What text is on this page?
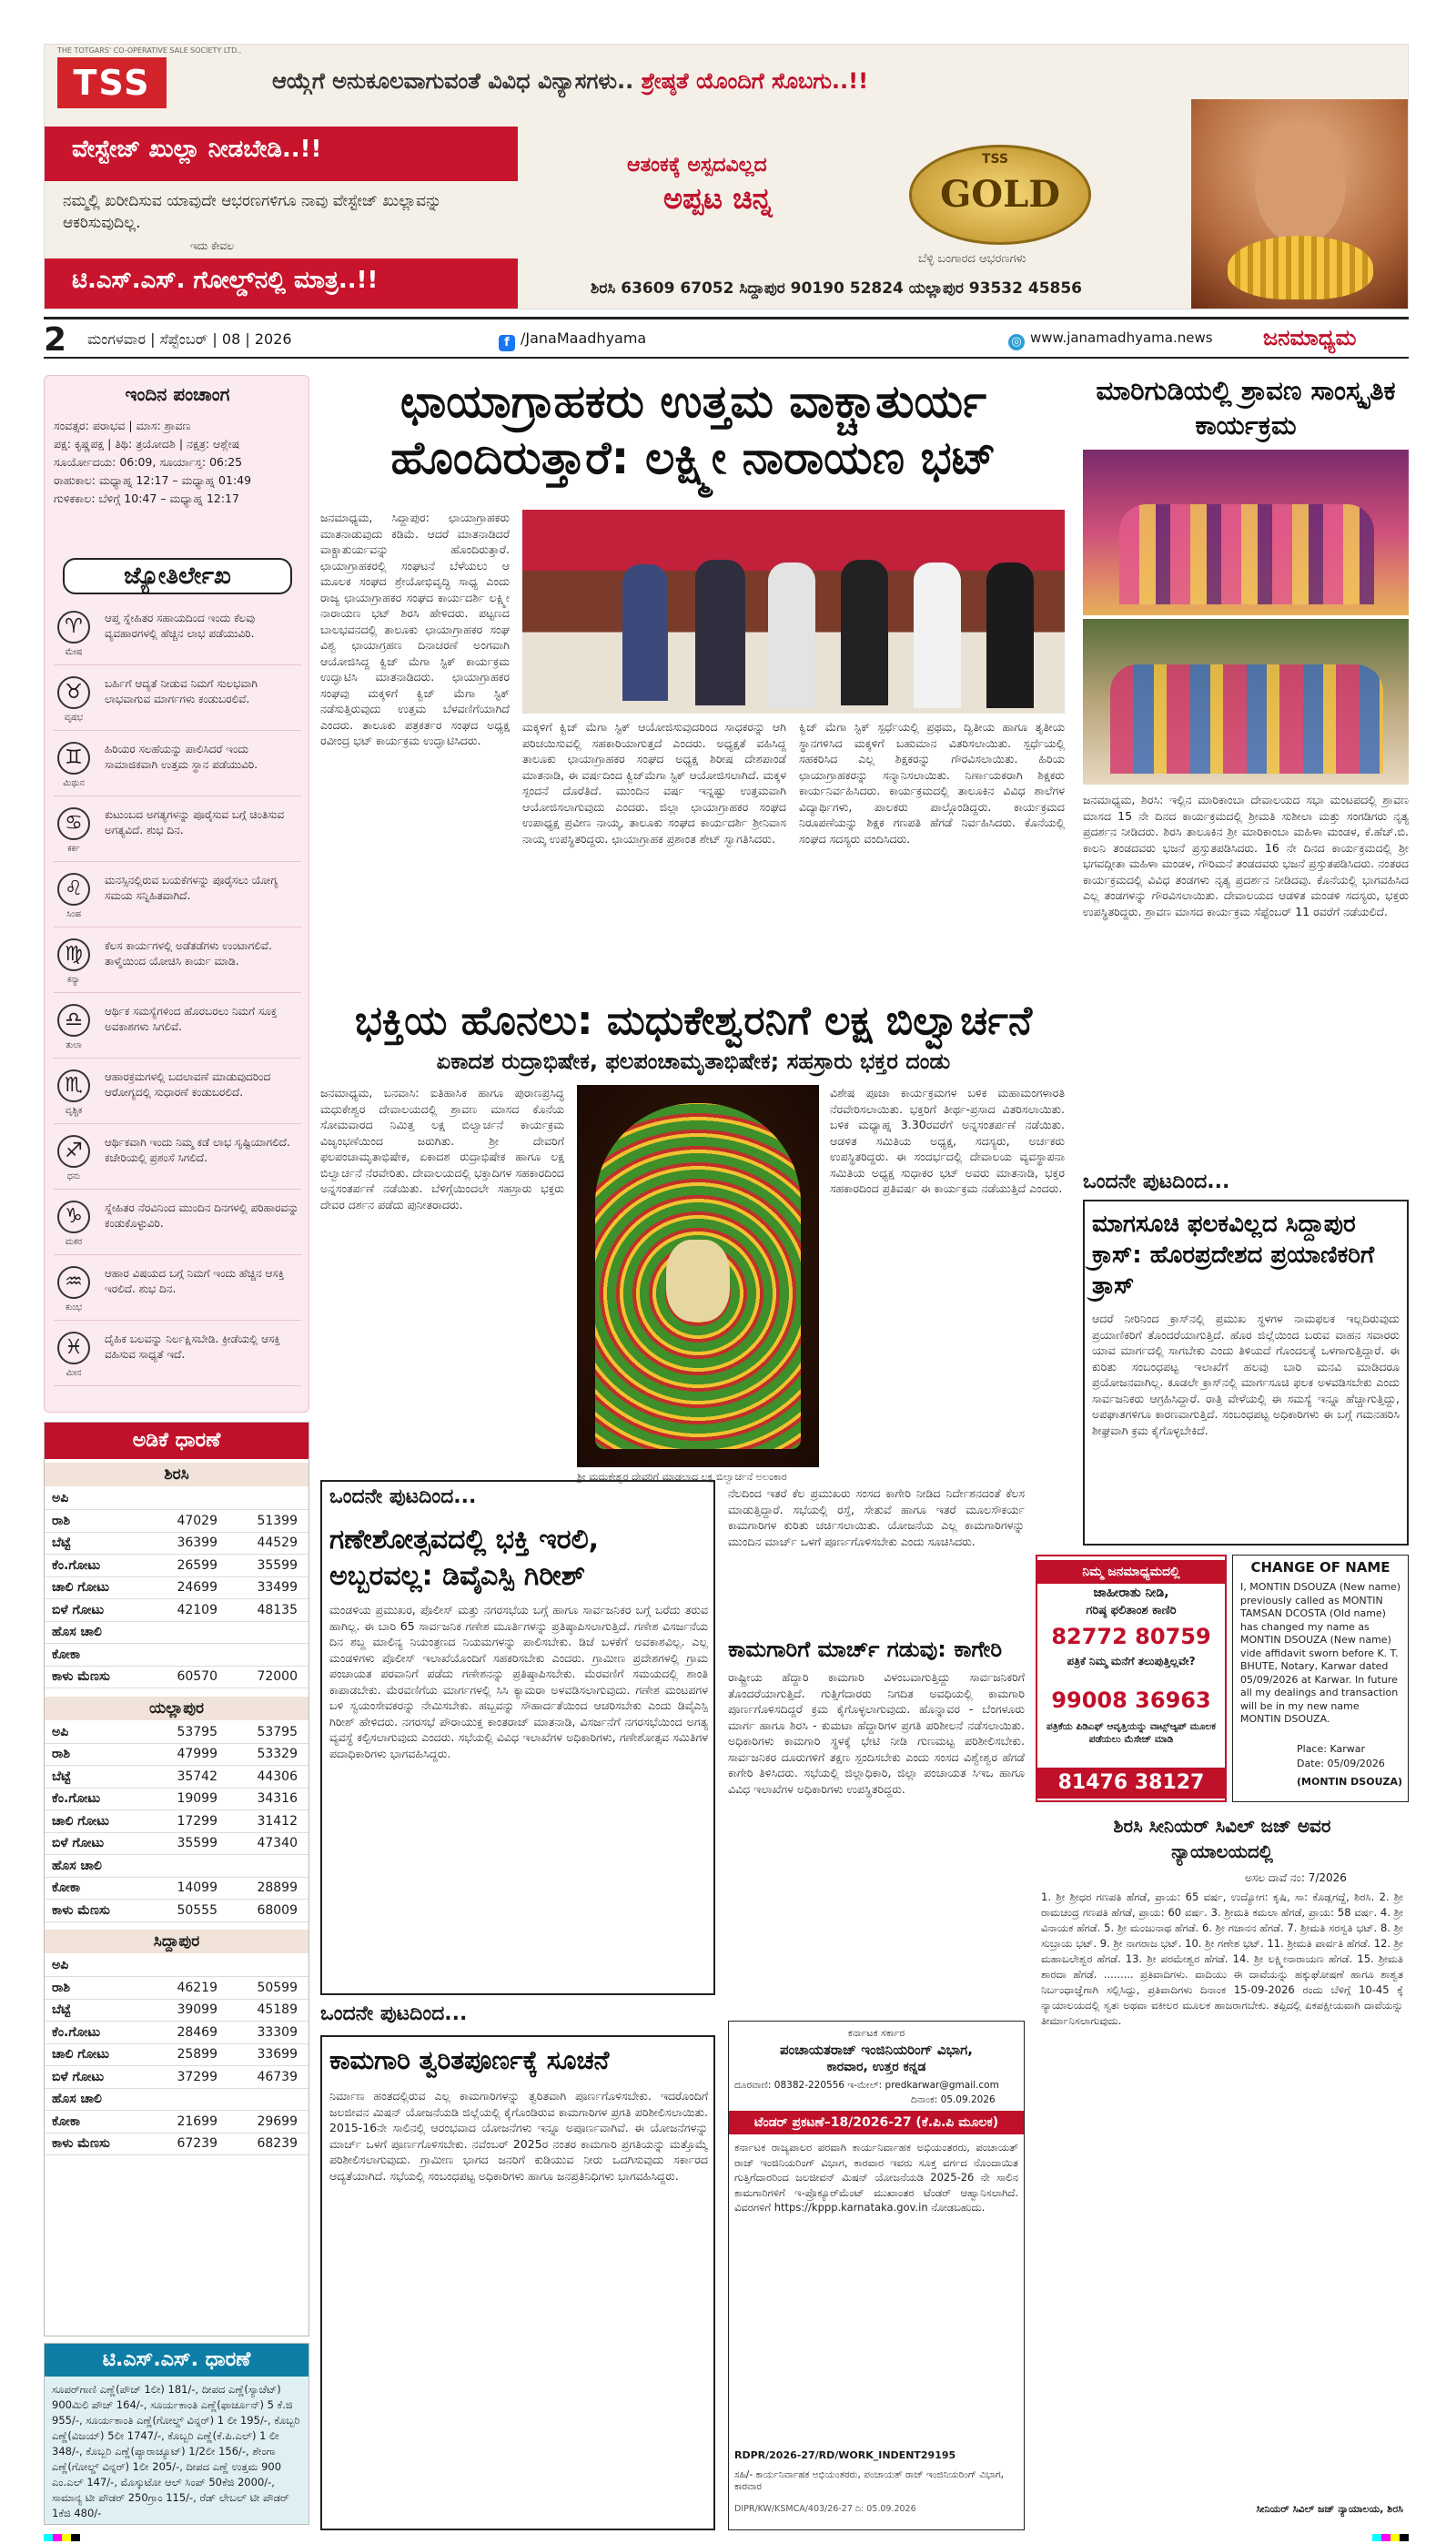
THE TOTGARS' CO-OPERATIVE SALE SOCIETY LTD.,
TSS	ಆಯ್ಗೆಗೆ ಅನುಕೂಲವಾಗುವಂತೆ ವಿವಿಧ ವಿನ್ಯಾಸಗಳು.. ಶ್ರೇಷ್ಠತೆ ಯೊಂದಿಗೆ ಸೊಬಗು..!!
ವೇಸ್ಟೇಜ್ ಖುಲ್ಲಾ ನೀಡಬೇಡಿ..!!
ನಮ್ಮಲ್ಲಿ ಖರೀದಿಸುವ ಯಾವುದೇ ಆಭರಣಗಳಿಗೂ ನಾವು ವೇಸ್ಟೇಜ್ ಖುಲ್ಲಾವನ್ನು ಆಕರಿಸುವುದಿಲ್ಲ.
ಇದು ಕೇವಲ
ಟಿ.ಎಸ್.ಎಸ್. ಗೋಲ್ಡ್‌ನಲ್ಲಿ ಮಾತ್ರ..!!
ಆತಂಕಕ್ಕೆ ಅಸ್ಪದವಿಲ್ಲದ
ಅಪ್ಪಟ ಚಿನ್ನ	GOLD
TSS
ಬೆಳ್ಳಿ ಬಂಗಾರದ ಆಭರಣಗಳು
ಶಿರಸಿ 63609 67052 ಸಿದ್ದಾಪುರ 90190 52824 ಯಲ್ಲಾಪುರ 93532 45856
2 ಮಂಗಳವಾರ | ಸೆಪ್ಟೆಂಬರ್ | 08 | 2026	f /JanaMaadhyama	◎ www.janamadhyama.news ಜನಮಾಧ್ಯಮ
ಇಂದಿನ ಪಂಚಾಂಗ
ಸಂವತ್ಸರ: ಪರಾಭವ | ಮಾಸ: ಶ್ರಾವಣ
ಪಕ್ಷ: ಕೃಷ್ಣಪಕ್ಷ | ತಿಥಿ: ತ್ರಯೋದಶಿ | ನಕ್ಷತ್ರ: ಆಶ್ಲೇಷ
ಸೂರ್ಯೋದಯ: 06:09, ಸೂರ್ಯಾಸ್ತ: 06:25
ರಾಹುಕಾಲ: ಮಧ್ಯಾಹ್ನ 12:17 – ಮಧ್ಯಾಹ್ನ 01:49
ಗುಳಿಕಕಾಲ: ಬೆಳಿಗ್ಗೆ 10:47 – ಮಧ್ಯಾಹ್ನ 12:17
ಜ್ಯೋತಿರ್ಲೇಖ
♈
ಮೇಷ
ಆಪ್ತ ಸ್ನೇಹಿತರ ಸಹಾಯದಿಂದ ಇಂದು ಕೆಲವು ವ್ಯವಹಾರಗಳಲ್ಲಿ ಹೆಚ್ಚಿನ ಲಾಭ ಪಡೆಯುವಿರಿ.
♉
ವೃಷಭ
ಬರ್ಹಿಗೆ ಆದ್ಯತೆ ನೀಡುವ ನಿಮಗೆ ಸುಲಭವಾಗಿ ಲಾಭವಾಗುವ ಮಾರ್ಗಗಳು ಕಂಡುಬರಲಿವೆ.
♊
ಮಿಥುನ
ಹಿರಿಯರ ಸಲಹೆಯನ್ನು ಪಾಲಿಸಿದರೆ ಇಂದು ಸಾಮಾಜಿಕವಾಗಿ ಉತ್ತಮ ಸ್ಥಾನ ಪಡೆಯುವಿರಿ.
♋
ಕರ್ಕ
ಕುಟುಂಬದ ಅಗತ್ಯಗಳನ್ನು ಪೂರೈಸುವ ಬಗ್ಗೆ ಚಿಂತಿಸುವ ಅಗತ್ಯವಿದೆ. ಶುಭ ದಿನ.
♌
ಸಿಂಹ
ಮನಸ್ಸಿನಲ್ಲಿರುವ ಬಯಕೆಗಳನ್ನು ಪೂರೈಸಲು ಯೋಗ್ಯ ಸಮಯ ಸನ್ನಿಹಿತವಾಗಿದೆ.
♍
ಕನ್ಯಾ
ಕೆಲಸ ಕಾರ್ಯಗಳಲ್ಲಿ ಅಡೆತಡೆಗಳು ಉಂಟಾಗಲಿವೆ. ತಾಳ್ಮೆಯಿಂದ ಯೋಚಿಸಿ ಕಾರ್ಯ ಮಾಡಿ.
♎
ತುಲಾ
ಆರ್ಥಿಕ ಸಮಸ್ಯೆಗಳಿಂದ ಹೊರಬರಲು ನಿಮಗೆ ಸೂಕ್ತ ಅವಕಾಶಗಳು ಸಿಗಲಿವೆ.
♏
ವೃಶ್ಚಿಕ
ಆಹಾರಕ್ರಮಗಳಲ್ಲಿ ಬದಲಾವಣೆ ಮಾಡುವುದರಿಂದ ಆರೋಗ್ಯದಲ್ಲಿ ಸುಧಾರಣೆ ಕಂಡುಬರಲಿದೆ.
♐
ಧನು
ಆರ್ಥಿಕವಾಗಿ ಇಂದು ನಿಮ್ಮ ಕಡೆ ಲಾಭ ಸೃಷ್ಟಿಯಾಗಲಿದೆ. ಕಚೇರಿಯಲ್ಲಿ ಪ್ರಶಂಸೆ ಸಿಗಲಿದೆ.
♑
ಮಕರ
ಸ್ನೇಹಿತರ ನೆರವಿನಿಂದ ಮುಂದಿನ ದಿನಗಳಲ್ಲಿ ಪರಿಹಾರವನ್ನು ಕಂಡುಕೊಳ್ಳುವಿರಿ.
♒
ಕುಂಭ
ಆಹಾರ ವಿಷಯದ ಬಗ್ಗೆ ನಿಮಗೆ ಇಂದು ಹೆಚ್ಚಿನ ಆಸಕ್ತಿ ಇರಲಿದೆ. ಶುಭ ದಿನ.
♓
ಮೀನ
ದೈಹಿಕ ಬಲವನ್ನು ನಿರ್ಲಕ್ಷಿಸಬೇಡಿ. ಕ್ರೀಡೆಯಲ್ಲಿ ಆಸಕ್ತಿ ವಹಿಸುವ ಸಾಧ್ಯತೆ ಇದೆ.
ಅಡಿಕೆ ಧಾರಣೆ
ಶಿರಸಿ
ಅಪಿ
ರಾಶಿ	47029	51399
ಬೆಟ್ಟೆ	36399	44529
ಕೆಂ.ಗೋಟು	26599	35599
ಚಾಲಿ ಗೋಟು	24699	33499
ಬಿಳೆ ಗೋಟು	42109	48135
ಹೊಸ ಚಾಲಿ
ಕೋಕಾ
ಕಾಳು ಮೆಣಸು	60570	72000
ಯಲ್ಲಾಪುರ
ಅಪಿ	53795	53795
ರಾಶಿ	47999	53329
ಬೆಟ್ಟೆ	35742	44306
ಕೆಂ.ಗೋಟು	19099	34316
ಚಾಲಿ ಗೋಟು	17299	31412
ಬಿಳೆ ಗೋಟು	35599	47340
ಹೊಸ ಚಾಲಿ
ಕೋಕಾ	14099	28899
ಕಾಳು ಮೆಣಸು	50555	68009
ಸಿದ್ದಾಪುರ
ಅಪಿ
ರಾಶಿ	46219	50599
ಬೆಟ್ಟೆ	39099	45189
ಕೆಂ.ಗೋಟು	28469	33309
ಚಾಲಿ ಗೋಟು	25899	33699
ಬಿಳೆ ಗೋಟು	37299	46739
ಹೊಸ ಚಾಲಿ
ಕೋಕಾ	21699	29699
ಕಾಳು ಮೆಣಸು	67239	68239
ಟಿ.ಎಸ್.ಎಸ್. ಧಾರಣೆ
ಸೂಪರ್‌ಗಾಣಿ ಎಣ್ಣೆ(ಪೌಚ್ 1ಲೀ) 181/-, ದೀಪದ ಎಣ್ಣೆ(ಸ್ಯಾಚೆಟ್) 900ಮಿಲಿ ಪೌಚ್ 164/-, ಸೂರ್ಯಕಾಂತಿ ಎಣ್ಣೆ(ಫಾರ್ಚೂನ್) 5 ಕೆ.ಜಿ 955/-, ಸೂರ್ಯಕಾಂತಿ ಎಣ್ಣೆ(ಗೋಲ್ಡ್ ವಿನ್ನರ್) 1 ಲೀ 195/-, ಕೊಬ್ಬರಿ ಎಣ್ಣೆ(ವಿಜಯ್) 5ಲೀ 1747/-, ಕೊಬ್ಬರಿ ಎಣ್ಣೆ(ಕೆ.ಪಿ.ಎಲ್) 1 ಲೀ 348/-, ಕೊಬ್ಬರಿ ಎಣ್ಣೆ(ಪ್ಯಾರಾಚ್ಯೂಟ್) 1/2ಲೀ 156/-, ಶೇಂಗಾ ಎಣ್ಣೆ(ಗೋಲ್ಡ್ ವಿನ್ನರ್) 1ಲೀ 205/-, ದೀಪದ ಎಣ್ಣೆ ಉತ್ತಮ 900 ಎಂ.ಎಲ್ 147/-, ಮೊಸ್ಕುಟೋ ಆಲ್ ಸಿಂಪ್ 50ಕೆಜಿ 2000/-, ಸಾಮಾನ್ಯ ಟೀ ಪೌಡರ್ 250ಗ್ರಾಂ 115/-, ರೆಡ್ ಲೇಬಲ್ ಟೀ ಪೌಡರ್ 1ಕೆಜಿ 480/-
ಛಾಯಾಗ್ರಾಹಕರು ಉತ್ತಮ ವಾಕ್ಚಾತುರ್ಯ
ಹೊಂದಿರುತ್ತಾರೆ: ಲಕ್ಷ್ಮೀ ನಾರಾಯಣ ಭಟ್
ಜನಮಾಧ್ಯಮ, ಸಿದ್ದಾಪುರ: ಛಾಯಾಗ್ರಾಹಕರು ಮಾತನಾಡುವುದು ಕಡಿಮೆ. ಆದರೆ ಮಾತನಾಡಿದರೆ ವಾಕ್ಚಾತುರ್ಯವನ್ನು ಹೊಂದಿರುತ್ತಾರೆ. ಛಾಯಾಗ್ರಾಹಕರಲ್ಲಿ ಸಂಘಟನೆ ಬೆಳೆಯಲು ಆ ಮೂಲಕ ಸಂಘದ ಶ್ರೇಯೋಭಿವೃದ್ಧಿ ಸಾಧ್ಯ ಎಂದು ರಾಜ್ಯ ಛಾಯಾಗ್ರಾಹಕರ ಸಂಘದ ಕಾರ್ಯದರ್ಶಿ ಲಕ್ಷ್ಮೀ ನಾರಾಯಣ ಭಟ್ ಶಿರಸಿ ಹೇಳಿದರು. ಪಟ್ಟಣದ ಬಾಲಭವನದಲ್ಲಿ ತಾಲೂಕು ಛಾಯಾಗ್ರಾಹಕರ ಸಂಘ ವಿಶ್ವ ಛಾಯಾಗ್ರಹಣ ದಿನಾಚರಣೆ ಅಂಗವಾಗಿ ಆಯೋಜಿಸಿದ್ದ ಕ್ವಿಜ್ ಮೆಗಾ ಸ್ಟಿಕ್ ಕಾರ್ಯಕ್ರಮ ಉದ್ಘಾಟಿಸಿ ಮಾತನಾಡಿದರು. ಛಾಯಾಗ್ರಾಹಕರ ಸಂಘವು ಮಕ್ಕಳಿಗೆ ಕ್ವಿಜ್ ಮೆಗಾ ಸ್ಟಿಕ್ ನಡೆಸುತ್ತಿರುವುದು ಉತ್ತಮ ಬೆಳವಣಿಗೆಯಾಗಿದೆ ಎಂದರು. ತಾಲೂಕು ಪತ್ರಕರ್ತರ ಸಂಘದ ಅಧ್ಯಕ್ಷ ರವೀಂದ್ರ ಭಟ್ ಕಾರ್ಯಕ್ರಮ ಉದ್ಘಾಟಿಸಿದರು.
ಮಕ್ಕಳಿಗೆ ಕ್ವಿಜ್ ಮೆಗಾ ಸ್ಟಿಕ್ ಆಯೋಜಿಸುವುದರಿಂದ ಸಾಧಕರನ್ನು ಆಗಿ ಪರಿಚಯಿಸುವಲ್ಲಿ ಸಹಕಾರಿಯಾಗುತ್ತದೆ ಎಂದರು. ಅಧ್ಯಕ್ಷತೆ ವಹಿಸಿದ್ದ ತಾಲೂಕು ಛಾಯಾಗ್ರಾಹಕರ ಸಂಘದ ಅಧ್ಯಕ್ಷ ಶಿರೀಷ ದೇಶಪಾಂಡೆ ಮಾತನಾಡಿ, ಈ ವರ್ಷದಿಂದ ಕ್ವಿಜ್‌ಮೆಗಾ ಸ್ಟಿಕ್ ಆಯೋಜಿಸಲಾಗಿದೆ. ಮಕ್ಕಳ ಸ್ಪಂದನೆ ದೊರೆತಿದೆ. ಮುಂದಿನ ವರ್ಷ ಇನ್ನಷ್ಟು ಉತ್ತಮವಾಗಿ ಆಯೋಜಿಸಲಾಗುವುದು ಎಂದರು. ಜಿಲ್ಲಾ ಛಾಯಾಗ್ರಾಹಕರ ಸಂಘದ ಉಪಾಧ್ಯಕ್ಷ ಪ್ರವೀಣ ನಾಯ್ಕ, ತಾಲೂಕು ಸಂಘದ ಕಾರ್ಯದರ್ಶಿ ಶ್ರೀನಿವಾಸ ನಾಯ್ಕ ಉಪಸ್ಥಿತರಿದ್ದರು. ಛಾಯಾಗ್ರಾಹಕ ಪ್ರಶಾಂತ ಶೇಟ್ ಸ್ವಾಗತಿಸಿದರು.
ಕ್ವಿಜ್ ಮೆಗಾ ಸ್ಟಿಕ್ ಸ್ಪರ್ಧೆಯಲ್ಲಿ ಪ್ರಥಮ, ದ್ವಿತೀಯ ಹಾಗೂ ತೃತೀಯ ಸ್ಥಾನಗಳಿಸಿದ ಮಕ್ಕಳಿಗೆ ಬಹುಮಾನ ವಿತರಿಸಲಾಯಿತು. ಸ್ಪರ್ಧೆಯಲ್ಲಿ ಸಹಕರಿಸಿದ ಎಲ್ಲ ಶಿಕ್ಷಕರನ್ನು ಗೌರವಿಸಲಾಯಿತು. ಹಿರಿಯ ಛಾಯಾಗ್ರಾಹಕರನ್ನು ಸನ್ಮಾನಿಸಲಾಯಿತು. ನಿರ್ಣಾಯಕರಾಗಿ ಶಿಕ್ಷಕರು ಕಾರ್ಯನಿರ್ವಹಿಸಿದರು. ಕಾರ್ಯಕ್ರಮದಲ್ಲಿ ತಾಲೂಕಿನ ವಿವಿಧ ಶಾಲೆಗಳ ವಿದ್ಯಾರ್ಥಿಗಳು, ಪಾಲಕರು ಪಾಲ್ಗೊಂಡಿದ್ದರು. ಕಾರ್ಯಕ್ರಮದ ನಿರೂಪಣೆಯನ್ನು ಶಿಕ್ಷಕ ಗಣಪತಿ ಹೆಗಡೆ ನಿರ್ವಹಿಸಿದರು. ಕೊನೆಯಲ್ಲಿ ಸಂಘದ ಸದಸ್ಯರು ವಂದಿಸಿದರು.
ಮಾರಿಗುಡಿಯಲ್ಲಿ ಶ್ರಾವಣ ಸಾಂಸ್ಕೃತಿಕ ಕಾರ್ಯಕ್ರಮ
ಜನಮಾಧ್ಯಮ, ಶಿರಸಿ: ಇಲ್ಲಿನ ಮಾರಿಕಾಂಬಾ ದೇವಾಲಯದ ಸಭಾ ಮಂಟಪದಲ್ಲಿ ಶ್ರಾವಣ ಮಾಸದ 15 ನೇ ದಿನದ ಕಾರ್ಯಕ್ರಮದಲ್ಲಿ ಶ್ರೀಮತಿ ಸುಶೀಲಾ ಮತ್ತು ಸಂಗಡಿಗರು ನೃತ್ಯ ಪ್ರದರ್ಶನ ನೀಡಿದರು. ಶಿರಸಿ ತಾಲೂಕಿನ ಶ್ರೀ ಮಾರಿಕಾಂಬಾ ಮಹಿಳಾ ಮಂಡಳ, ಕೆ.ಹೆಚ್.ಬಿ. ಕಾಲನಿ ತಂಡದವರು ಭಜನೆ ಪ್ರಸ್ತುತಪಡಿಸಿದರು. 16 ನೇ ದಿನದ ಕಾರ್ಯಕ್ರಮದಲ್ಲಿ ಶ್ರೀ ಭಗವದ್ಗೀತಾ ಮಹಿಳಾ ಮಂಡಳ, ಗೌರಿಮನೆ ತಂಡದವರು ಭಜನೆ ಪ್ರಸ್ತುತಪಡಿಸಿದರು. ನಂತರದ ಕಾರ್ಯಕ್ರಮದಲ್ಲಿ ವಿವಿಧ ತಂಡಗಳು ನೃತ್ಯ ಪ್ರದರ್ಶನ ನೀಡಿದವು. ಕೊನೆಯಲ್ಲಿ ಭಾಗವಹಿಸಿದ ಎಲ್ಲ ತಂಡಗಳನ್ನು ಗೌರವಿಸಲಾಯಿತು. ದೇವಾಲಯದ ಆಡಳಿತ ಮಂಡಳಿ ಸದಸ್ಯರು, ಭಕ್ತರು ಉಪಸ್ಥಿತರಿದ್ದರು. ಶ್ರಾವಣ ಮಾಸದ ಕಾರ್ಯಕ್ರಮ ಸೆಪ್ಟೆಂಬರ್ 11 ರವರೆಗೆ ನಡೆಯಲಿದೆ.
ಭಕ್ತಿಯ ಹೊನಲು: ಮಧುಕೇಶ್ವರನಿಗೆ ಲಕ್ಷ ಬಿಲ್ವಾರ್ಚನೆ
ಏಕಾದಶ ರುದ್ರಾಭಿಷೇಕ, ಫಲಪಂಚಾಮೃತಾಭಿಷೇಕ; ಸಹಸ್ರಾರು ಭಕ್ತರ ದಂಡು
ಜನಮಾಧ್ಯಮ, ಬನವಾಸಿ: ಐತಿಹಾಸಿಕ ಹಾಗೂ ಪುರಾಣಪ್ರಸಿದ್ಧ ಮಧುಕೇಶ್ವರ ದೇವಾಲಯದಲ್ಲಿ ಶ್ರಾವಣ ಮಾಸದ ಕೊನೆಯ ಸೋಮವಾರದ ನಿಮಿತ್ತ ಲಕ್ಷ ಬಿಲ್ವಾರ್ಚನೆ ಕಾರ್ಯಕ್ರಮ ವಿಜೃಂಭಣೆಯಿಂದ ಜರುಗಿತು. ಶ್ರೀ ದೇವರಿಗೆ ಫಲಪಂಚಾಮೃತಾಭಿಷೇಕ, ಏಕಾದಶ ರುದ್ರಾಭಿಷೇಕ ಹಾಗೂ ಲಕ್ಷ ಬಿಲ್ವಾರ್ಚನೆ ನೆರವೇರಿತು. ದೇವಾಲಯದಲ್ಲಿ ಭಕ್ತಾದಿಗಳ ಸಹಕಾರದಿಂದ ಅನ್ನಸಂತರ್ಪಣೆ ನಡೆಯಿತು. ಬೆಳಿಗ್ಗೆಯಿಂದಲೇ ಸಹಸ್ರಾರು ಭಕ್ತರು ದೇವರ ದರ್ಶನ ಪಡೆದು ಪುನೀತರಾದರು.
ಶ್ರೀ ಮಧುಕೇಶ್ವರ ದೇವರಿಗೆ ಮಾಡಲಾದ ಲಕ್ಷ ಬಿಲ್ವಾರ್ಚನೆ ಅಲಂಕಾರ
ವಿಶೇಷ ಪೂಜಾ ಕಾರ್ಯಕ್ರಮಗಳ ಬಳಿಕ ಮಹಾಮಂಗಳಾರತಿ ನೆರವೇರಿಸಲಾಯಿತು. ಭಕ್ತರಿಗೆ ತೀರ್ಥ-ಪ್ರಸಾದ ವಿತರಿಸಲಾಯಿತು. ಬಳಿಕ ಮಧ್ಯಾಹ್ನ 3.30ರವರೆಗೆ ಅನ್ನಸಂತರ್ಪಣೆ ನಡೆಯಿತು. ಆಡಳಿತ ಸಮಿತಿಯ ಅಧ್ಯಕ್ಷ, ಸದಸ್ಯರು, ಅರ್ಚಕರು ಉಪಸ್ಥಿತರಿದ್ದರು. ಈ ಸಂದರ್ಭದಲ್ಲಿ ದೇವಾಲಯ ವ್ಯವಸ್ಥಾಪನಾ ಸಮಿತಿಯ ಅಧ್ಯಕ್ಷ ಸುಧಾಕರ ಭಟ್ ಅವರು ಮಾತನಾಡಿ, ಭಕ್ತರ ಸಹಕಾರದಿಂದ ಪ್ರತಿವರ್ಷ ಈ ಕಾರ್ಯಕ್ರಮ ನಡೆಯುತ್ತಿದೆ ಎಂದರು. ಒಂದನೇ ಪುಟದಿಂದ...
ಮಾಗಸೂಚಿ ಫಲಕವಿಲ್ಲದ ಸಿದ್ದಾಪುರ ಕ್ರಾಸ್: ಹೊರಪ್ರದೇಶದ ಪ್ರಯಾಣಿಕರಿಗೆ ತ್ರಾಸ್
ಆದರೆ ನೀರಿನಿಂದ ಕ್ರಾಸ್‌ನಲ್ಲಿ ಪ್ರಮುಖ ಸ್ಥಳಗಳ ನಾಮಫಲಕ ಇಲ್ಲದಿರುವುದು ಪ್ರಯಾಣಿಕರಿಗೆ ತೊಂದರೆಯಾಗುತ್ತಿದೆ. ಹೊರ ಜಿಲ್ಲೆಯಿಂದ ಬರುವ ವಾಹನ ಸವಾರರು ಯಾವ ಮಾರ್ಗದಲ್ಲಿ ಸಾಗಬೇಕು ಎಂದು ತಿಳಿಯದೆ ಗೊಂದಲಕ್ಕೆ ಒಳಗಾಗುತ್ತಿದ್ದಾರೆ. ಈ ಕುರಿತು ಸಂಬಂಧಪಟ್ಟ ಇಲಾಖೆಗೆ ಹಲವು ಬಾರಿ ಮನವಿ ಮಾಡಿದರೂ ಪ್ರಯೋಜನವಾಗಿಲ್ಲ. ಕೂಡಲೇ ಕ್ರಾಸ್‌ನಲ್ಲಿ ಮಾರ್ಗಸೂಚಿ ಫಲಕ ಅಳವಡಿಸಬೇಕು ಎಂದು ಸಾರ್ವಜನಿಕರು ಆಗ್ರಹಿಸಿದ್ದಾರೆ. ರಾತ್ರಿ ವೇಳೆಯಲ್ಲಿ ಈ ಸಮಸ್ಯೆ ಇನ್ನೂ ಹೆಚ್ಚಾಗುತ್ತಿದ್ದು, ಅಪಘಾತಗಳಿಗೂ ಕಾರಣವಾಗುತ್ತಿದೆ. ಸಂಬಂಧಪಟ್ಟ ಅಧಿಕಾರಿಗಳು ಈ ಬಗ್ಗೆ ಗಮನಹರಿಸಿ ಶೀಘ್ರವಾಗಿ ಕ್ರಮ ಕೈಗೊಳ್ಳಬೇಕಿದೆ.
ಒಂದನೇ ಪುಟದಿಂದ...
ಗಣೇಶೋತ್ಸವದಲ್ಲಿ ಭಕ್ತಿ ಇರಲಿ,
ಅಬ್ಬರವಲ್ಲ: ಡಿವೈಎಸ್ಪಿ ಗಿರೀಶ್
ಮಂಡಳಿಯ ಪ್ರಮುಖರ, ಪೊಲೀಸ್ ಮತ್ತು ನಗರಸಭೆಯ ಬಗ್ಗೆ ಹಾಗೂ ಸಾರ್ವಜನಿಕರ ಬಗ್ಗೆ ಬರೆದು ತರುವ ಹಾಗಿಲ್ಲ. ಈ ಬಾರಿ 65 ಸಾರ್ವಜನಿಕ ಗಣೇಶ ಮೂರ್ತಿಗಳನ್ನು ಪ್ರತಿಷ್ಠಾಪಿಸಲಾಗುತ್ತಿದೆ. ಗಣೇಶ ವಿಸರ್ಜನೆಯ ದಿನ ಶಬ್ದ ಮಾಲಿನ್ಯ ನಿಯಂತ್ರಣದ ನಿಯಮಗಳನ್ನು ಪಾಲಿಸಬೇಕು. ಡಿಜೆ ಬಳಕೆಗೆ ಅವಕಾಶವಿಲ್ಲ. ಎಲ್ಲ ಮಂಡಳಿಗಳು ಪೊಲೀಸ್ ಇಲಾಖೆಯೊಂದಿಗೆ ಸಹಕರಿಸಬೇಕು ಎಂದರು. ಗ್ರಾಮೀಣ ಪ್ರದೇಶಗಳಲ್ಲಿ ಗ್ರಾಮ ಪಂಚಾಯತ ಪರವಾನಿಗೆ ಪಡೆದು ಗಣೇಶನನ್ನು ಪ್ರತಿಷ್ಠಾಪಿಸಬೇಕು. ಮೆರವಣಿಗೆ ಸಮಯದಲ್ಲಿ ಶಾಂತಿ ಕಾಪಾಡಬೇಕು. ಮೆರವಣಿಗೆಯ ಮಾರ್ಗಗಳಲ್ಲಿ ಸಿಸಿ ಕ್ಯಾಮರಾ ಅಳವಡಿಸಲಾಗುವುದು. ಗಣೇಶ ಮಂಟಪಗಳ ಬಳಿ ಸ್ವಯಂಸೇವಕರನ್ನು ನೇಮಿಸಬೇಕು. ಹಬ್ಬವನ್ನು ಸೌಹಾರ್ದತೆಯಿಂದ ಆಚರಿಸಬೇಕು ಎಂದು ಡಿವೈಎಸ್ಪಿ ಗಿರೀಶ್ ಹೇಳಿದರು. ನಗರಸಭೆ ಪೌರಾಯುಕ್ತ ಕಾಂತರಾಜ್ ಮಾತನಾಡಿ, ವಿಸರ್ಜನೆಗೆ ನಗರಸಭೆಯಿಂದ ಅಗತ್ಯ ವ್ಯವಸ್ಥೆ ಕಲ್ಪಿಸಲಾಗುವುದು ಎಂದರು. ಸಭೆಯಲ್ಲಿ ವಿವಿಧ ಇಲಾಖೆಗಳ ಅಧಿಕಾರಿಗಳು, ಗಣೇಶೋತ್ಸವ ಸಮಿತಿಗಳ ಪದಾಧಿಕಾರಿಗಳು ಭಾಗವಹಿಸಿದ್ದರು.
ನೆಲದಿಂದ ಇತರೆ ಕೆಲ ಪ್ರಮುಖರು ಸಂಸದ ಕಾಗೇರಿ ನೀಡಿದ ನಿರ್ದೇಶನದಂತೆ ಕೆಲಸ ಮಾಡುತ್ತಿದ್ದಾರೆ. ಸಭೆಯಲ್ಲಿ ರಸ್ತೆ, ಸೇತುವೆ ಹಾಗೂ ಇತರೆ ಮೂಲಸೌಕರ್ಯ ಕಾಮಗಾರಿಗಳ ಕುರಿತು ಚರ್ಚಿಸಲಾಯಿತು. ಯೋಜನೆಯ ಎಲ್ಲ ಕಾಮಗಾರಿಗಳನ್ನು ಮುಂದಿನ ಮಾರ್ಚ್ ಒಳಗೆ ಪೂರ್ಣಗೊಳಿಸಬೇಕು ಎಂದು ಸೂಚಿಸಿದರು.
ಕಾಮಗಾರಿಗೆ ಮಾರ್ಚ್ ಗಡುವು: ಕಾಗೇರಿ
ರಾಷ್ಟ್ರೀಯ ಹೆದ್ದಾರಿ ಕಾಮಗಾರಿ ವಿಳಂಬವಾಗುತ್ತಿದ್ದು ಸಾರ್ವಜನಿಕರಿಗೆ ತೊಂದರೆಯಾಗುತ್ತಿದೆ. ಗುತ್ತಿಗೆದಾರರು ನಿಗದಿತ ಅವಧಿಯಲ್ಲಿ ಕಾಮಗಾರಿ ಪೂರ್ಣಗೊಳಿಸದಿದ್ದರೆ ಕ್ರಮ ಕೈಗೊಳ್ಳಲಾಗುವುದು. ಹೊನ್ನಾವರ - ಬೆಂಗಳೂರು ಮಾರ್ಗ ಹಾಗೂ ಶಿರಸಿ - ಕುಮಟಾ ಹೆದ್ದಾರಿಗಳ ಪ್ರಗತಿ ಪರಿಶೀಲನೆ ನಡೆಸಲಾಯಿತು. ಅಧಿಕಾರಿಗಳು ಕಾಮಗಾರಿ ಸ್ಥಳಕ್ಕೆ ಭೇಟಿ ನೀಡಿ ಗುಣಮಟ್ಟ ಪರಿಶೀಲಿಸಬೇಕು. ಸಾರ್ವಜನಿಕರ ದೂರುಗಳಿಗೆ ತಕ್ಷಣ ಸ್ಪಂದಿಸಬೇಕು ಎಂದು ಸಂಸದ ವಿಶ್ವೇಶ್ವರ ಹೆಗಡೆ ಕಾಗೇರಿ ತಿಳಿಸಿದರು. ಸಭೆಯಲ್ಲಿ ಜಿಲ್ಲಾಧಿಕಾರಿ, ಜಿಲ್ಲಾ ಪಂಚಾಯತ ಸಿಇಒ ಹಾಗೂ ವಿವಿಧ ಇಲಾಖೆಗಳ ಅಧಿಕಾರಿಗಳು ಉಪಸ್ಥಿತರಿದ್ದರು.
ಒಂದನೇ ಪುಟದಿಂದ...
ಕಾಮಗಾರಿ ತ್ವರಿತಪೂರ್ಣಕ್ಕೆ ಸೂಚನೆ
ನಿರ್ಮಾಣ ಹಂತದಲ್ಲಿರುವ ಎಲ್ಲ ಕಾಮಗಾರಿಗಳನ್ನು ತ್ವರಿತವಾಗಿ ಪೂರ್ಣಗೊಳಿಸಬೇಕು. ಇದರೊಂದಿಗೆ ಜಲಜೀವನ ಮಿಷನ್ ಯೋಜನೆಯಡಿ ಜಿಲ್ಲೆಯಲ್ಲಿ ಕೈಗೊಂಡಿರುವ ಕಾಮಗಾರಿಗಳ ಪ್ರಗತಿ ಪರಿಶೀಲಿಸಲಾಯಿತು. 2015-16ನೇ ಸಾಲಿನಲ್ಲಿ ಆರಂಭವಾದ ಯೋಜನೆಗಳು ಇನ್ನೂ ಅಪೂರ್ಣವಾಗಿವೆ. ಈ ಯೋಜನೆಗಳನ್ನು ಮಾರ್ಚ್ ಒಳಗೆ ಪೂರ್ಣಗೊಳಿಸಬೇಕು. ನವೆಂಬರ್ 2025ರ ನಂತರ ಕಾಮಗಾರಿ ಪ್ರಗತಿಯನ್ನು ಮತ್ತೊಮ್ಮೆ ಪರಿಶೀಲಿಸಲಾಗುವುದು. ಗ್ರಾಮೀಣ ಭಾಗದ ಜನರಿಗೆ ಕುಡಿಯುವ ನೀರು ಒದಗಿಸುವುದು ಸರ್ಕಾರದ ಆದ್ಯತೆಯಾಗಿದೆ. ಸಭೆಯಲ್ಲಿ ಸಂಬಂಧಪಟ್ಟ ಅಧಿಕಾರಿಗಳು ಹಾಗೂ ಜನಪ್ರತಿನಿಧಿಗಳು ಭಾಗವಹಿಸಿದ್ದರು.
ಕರ್ನಾಟಕ ಸರ್ಕಾರ
ಪಂಚಾಯತರಾಜ್ ಇಂಜಿನಿಯರಿಂಗ್ ವಿಭಾಗ,
ಕಾರವಾರ, ಉತ್ತರ ಕನ್ನಡ
ದೂರವಾಣಿ: 08382-220556 ಇ-ಮೇಲ್: predkarwar@gmail.com
ದಿನಾಂಕ: 05.09.2026
ಟೆಂಡರ್ ಪ್ರಕಟಣೆ–18/2026-27 (ಕೆ.ಪಿ.ಪಿ ಮೂಲಕ)
ಕರ್ನಾಟಕ ರಾಜ್ಯಪಾಲರ ಪರವಾಗಿ ಕಾರ್ಯನಿರ್ವಾಹಕ ಅಭಿಯಂತರರು, ಪಂಚಾಯತ್ ರಾಜ್ ಇಂಜಿನಿಯರಿಂಗ್ ವಿಭಾಗ, ಕಾರವಾರ ಇವರು ಸೂಕ್ತ ವರ್ಗದ ನೊಂದಾಯಿತ ಗುತ್ತಿಗೆದಾರರಿಂದ ಜಲಜೀವನ್ ಮಿಷನ್ ಯೋಜನೆಯಡಿ 2025-26 ನೇ ಸಾಲಿನ ಕಾಮಗಾರಿಗಳಿಗೆ ಇ-ಪ್ರೊಕ್ಯೂರ್‌ಮೆಂಟ್ ಮುಖಾಂತರ ಟೆಂಡರ್ ಆಹ್ವಾನಿಸಲಾಗಿದೆ. ವಿವರಗಳಿಗೆ https://kppp.karnataka.gov.in ನೋಡಬಹುದು.
RDPR/2026-27/RD/WORK_INDENT29195
ಸಹಿ/- ಕಾರ್ಯನಿರ್ವಾಹಕ ಅಭಿಯಂತರರು, ಪಂಚಾಯತ್ ರಾಜ್ ಇಂಜಿನಿಯರಿಂಗ್ ವಿಭಾಗ, ಕಾರವಾರ
DIPR/KW/KSMCA/403/26-27 ದಿ: 05.09.2026
ನಿಮ್ಮ ಜನಮಾಧ್ಯಮದಲ್ಲಿ
ಜಾಹೀರಾತು ನೀಡಿ,
ಗರಿಷ್ಠ ಫಲಿತಾಂಶ ಕಾಣಿರಿ
82772 80759
ಪತ್ರಿಕೆ ನಿಮ್ಮ ಮನೆಗೆ ತಲುಪುತ್ತಿಲ್ಲವೇ?
99008 36963
ಪತ್ರಿಕೆಯ ಪಿಡಿಎಫ್ ಆವೃತ್ತಿಯನ್ನು ವಾಟ್ಸ್ಆ್ಯಪ್ ಮೂಲಕ ಪಡೆಯಲು ಮೆಸೇಜ್ ಮಾಡಿ
81476 38127
CHANGE OF NAME
I, MONTIN DSOUZA (New name) previously called as MONTIN TAMSAN DCOSTA (Old name) has changed my name as MONTIN DSOUZA (New name) vide affidavit sworn before K. T. BHUTE, Notary, Karwar dated 05/09/2026 at Karwar. In future all my dealings and transaction will be in my new name MONTIN DSOUZA.
Place: Karwar
Date: 05/09/2026
(MONTIN DSOUZA)
ಶಿರಸಿ ಸೀನಿಯರ್ ಸಿವಿಲ್ ಜಜ್ ಅವರ
ನ್ಯಾಯಾಲಯದಲ್ಲಿ
ಅಸಲ ದಾವೆ ನಂ: 7/2026
1. ಶ್ರೀ ಶ್ರೀಧರ ಗಣಪತಿ ಹೆಗಡೆ, ಪ್ರಾಯ: 65 ವರ್ಷ, ಉದ್ಯೋಗ: ಕೃಷಿ, ಸಾ: ಕೊಡ್ಲಗದ್ದೆ, ಶಿರಸಿ. 2. ಶ್ರೀ ರಾಮಚಂದ್ರ ಗಣಪತಿ ಹೆಗಡೆ, ಪ್ರಾಯ: 60 ವರ್ಷ. 3. ಶ್ರೀಮತಿ ಕಮಲಾ ಹೆಗಡೆ, ಪ್ರಾಯ: 58 ವರ್ಷ. 4. ಶ್ರೀ ವಿನಾಯಕ ಹೆಗಡೆ. 5. ಶ್ರೀ ಮಂಜುನಾಥ ಹೆಗಡೆ. 6. ಶ್ರೀ ಗಜಾನನ ಹೆಗಡೆ. 7. ಶ್ರೀಮತಿ ಸರಸ್ವತಿ ಭಟ್. 8. ಶ್ರೀ ಸುಬ್ರಾಯ ಭಟ್. 9. ಶ್ರೀ ನಾಗರಾಜ ಭಟ್. 10. ಶ್ರೀ ಗಣೇಶ ಭಟ್. 11. ಶ್ರೀಮತಿ ಪಾರ್ವತಿ ಹೆಗಡೆ. 12. ಶ್ರೀ ಮಹಾಬಲೇಶ್ವರ ಹೆಗಡೆ. 13. ಶ್ರೀ ಪರಮೇಶ್ವರ ಹೆಗಡೆ. 14. ಶ್ರೀ ಲಕ್ಷ್ಮೀನಾರಾಯಣ ಹೆಗಡೆ. 15. ಶ್ರೀಮತಿ ಶಾರದಾ ಹೆಗಡೆ. ......... ಪ್ರತಿವಾದಿಗಳು. ವಾದಿಯು ಈ ದಾವೆಯನ್ನು ಹಕ್ಕುಘೋಷಣೆ ಹಾಗೂ ಶಾಶ್ವತ ನಿರ್ಬಂಧಾಜ್ಞೆಗಾಗಿ ಸಲ್ಲಿಸಿದ್ದು, ಪ್ರತಿವಾದಿಗಳು ದಿನಾಂಕ 15-09-2026 ರಂದು ಬೆಳಿಗ್ಗೆ 10-45 ಕ್ಕೆ ನ್ಯಾಯಾಲಯದಲ್ಲಿ ಸ್ವತಃ ಅಥವಾ ವಕೀಲರ ಮೂಲಕ ಹಾಜರಾಗಬೇಕು. ತಪ್ಪಿದಲ್ಲಿ ಏಕಪಕ್ಷೀಯವಾಗಿ ದಾವೆಯನ್ನು ತೀರ್ಮಾನಿಸಲಾಗುವುದು.
ಸೀನಿಯರ್ ಸಿವಿಲ್ ಜಜ್ ನ್ಯಾಯಾಲಯ, ಶಿರಸಿ
